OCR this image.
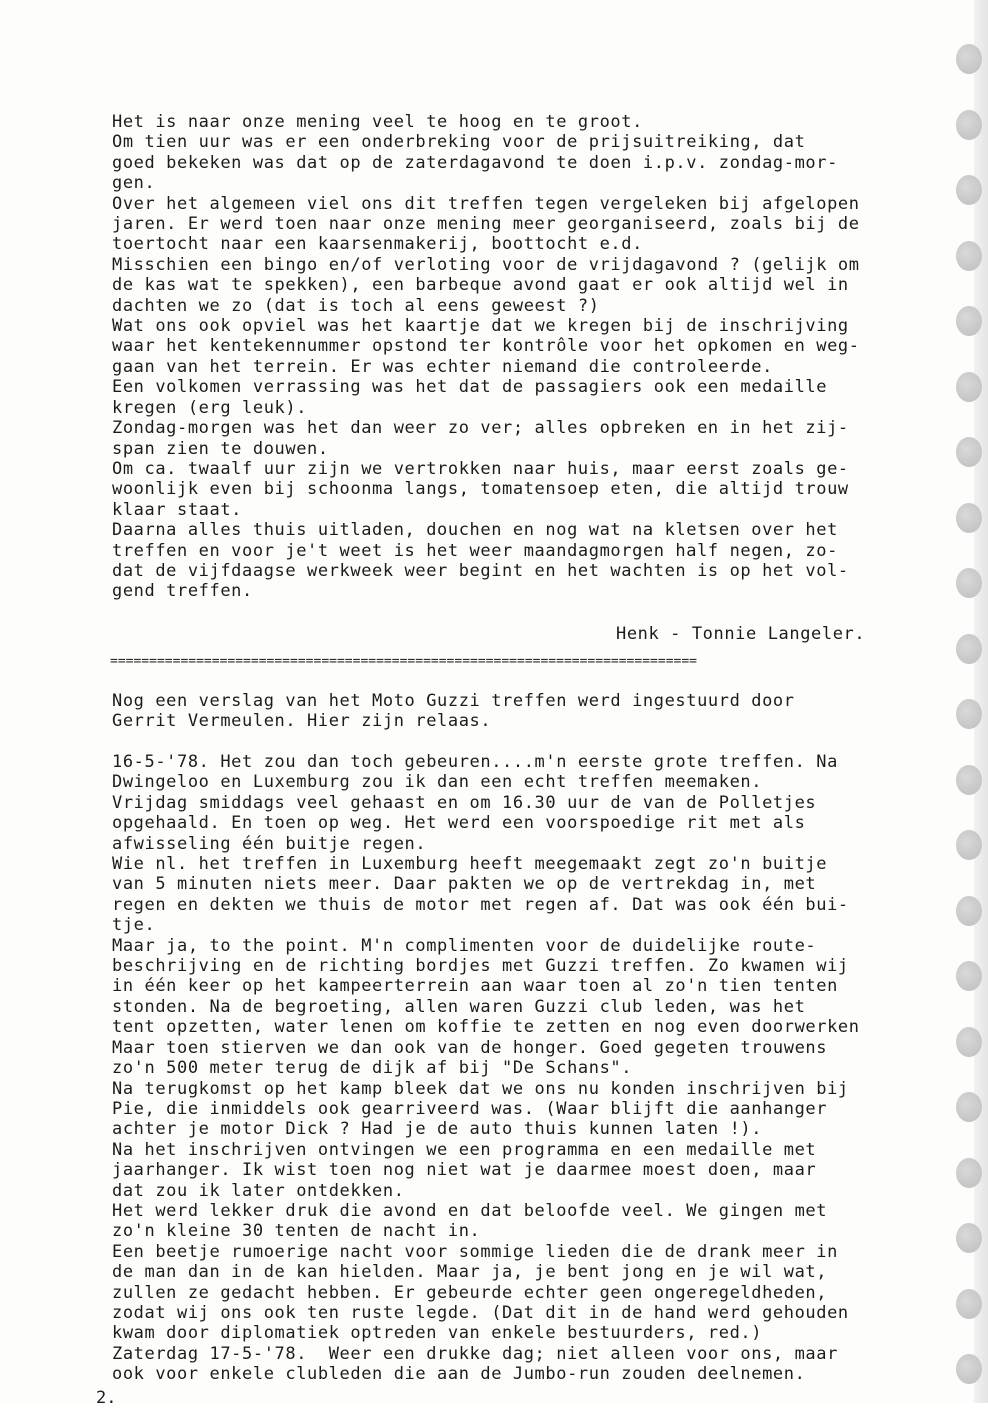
Het is naar onze mening veel te hoog en te groot.
Om tien uur was er een onderbreking voor de prijsuitreiking, dat
goed bekeken was dat op de zaterdagavond te doen i.p.v. zondag-mor-
gen.
Over het algemeen viel ons dit treffen tegen vergeleken bij afgelopen
jaren. Er werd toen naar onze mening meer georganiseerd, zoals bij de
toertocht naar een kaarsenmakerij, boottocht e.d.
Misschien een bingo en/of verloting voor de vrijdagavond ? (gelijk om
de kas wat te spekken), een barbeque avond gaat er ook altijd wel in
dachten we zo (dat is toch al eens geweest ?)
Wat ons ook opviel was het kaartje dat we kregen bij de inschrijving
waar het kentekennummer opstond ter kontrôle voor het opkomen en weg-
gaan van het terrein. Er was echter niemand die controleerde.
Een volkomen verrassing was het dat de passagiers ook een medaille
kregen (erg leuk).
Zondag-morgen was het dan weer zo ver; alles opbreken en in het zij-
span zien te douwen.
Om ca. twaalf uur zijn we vertrokken naar huis, maar eerst zoals ge-
woonlijk even bij schoonma langs, tomatensoep eten, die altijd trouw
klaar staat.
Daarna alles thuis uitladen, douchen en nog wat na kletsen over het
treffen en voor je't weet is het weer maandagmorgen half negen, zo-
dat de vijfdaagse werkweek weer begint en het wachten is op het vol-
gend treffen.
Henk - Tonnie Langeler.
===========================================================================
Nog een verslag van het Moto Guzzi treffen werd ingestuurd door
Gerrit Vermeulen. Hier zijn relaas.
16-5-'78. Het zou dan toch gebeuren....m'n eerste grote treffen. Na
Dwingeloo en Luxemburg zou ik dan een echt treffen meemaken.
Vrijdag smiddags veel gehaast en om 16.30 uur de van de Polletjes
opgehaald. En toen op weg. Het werd een voorspoedige rit met als
afwisseling één buitje regen.
Wie nl. het treffen in Luxemburg heeft meegemaakt zegt zo'n buitje
van 5 minuten niets meer. Daar pakten we op de vertrekdag in, met
regen en dekten we thuis de motor met regen af. Dat was ook één bui-
tje.
Maar ja, to the point. M'n complimenten voor de duidelijke route-
beschrijving en de richting bordjes met Guzzi treffen. Zo kwamen wij
in één keer op het kampeerterrein aan waar toen al zo'n tien tenten
stonden. Na de begroeting, allen waren Guzzi club leden, was het
tent opzetten, water lenen om koffie te zetten en nog even doorwerken
Maar toen stierven we dan ook van de honger. Goed gegeten trouwens
zo'n 500 meter terug de dijk af bij "De Schans".
Na terugkomst op het kamp bleek dat we ons nu konden inschrijven bij
Pie, die inmiddels ook gearriveerd was. (Waar blijft die aanhanger
achter je motor Dick ? Had je de auto thuis kunnen laten !).
Na het inschrijven ontvingen we een programma en een medaille met
jaarhanger. Ik wist toen nog niet wat je daarmee moest doen, maar
dat zou ik later ontdekken.
Het werd lekker druk die avond en dat beloofde veel. We gingen met
zo'n kleine 30 tenten de nacht in.
Een beetje rumoerige nacht voor sommige lieden die de drank meer in
de man dan in de kan hielden. Maar ja, je bent jong en je wil wat,
zullen ze gedacht hebben. Er gebeurde echter geen ongeregeldheden,
zodat wij ons ook ten ruste legde. (Dat dit in de hand werd gehouden
kwam door diplomatiek optreden van enkele bestuurders, red.)
Zaterdag 17-5-'78.  Weer een drukke dag; niet alleen voor ons, maar
ook voor enkele clubleden die aan de Jumbo-run zouden deelnemen.
2.
